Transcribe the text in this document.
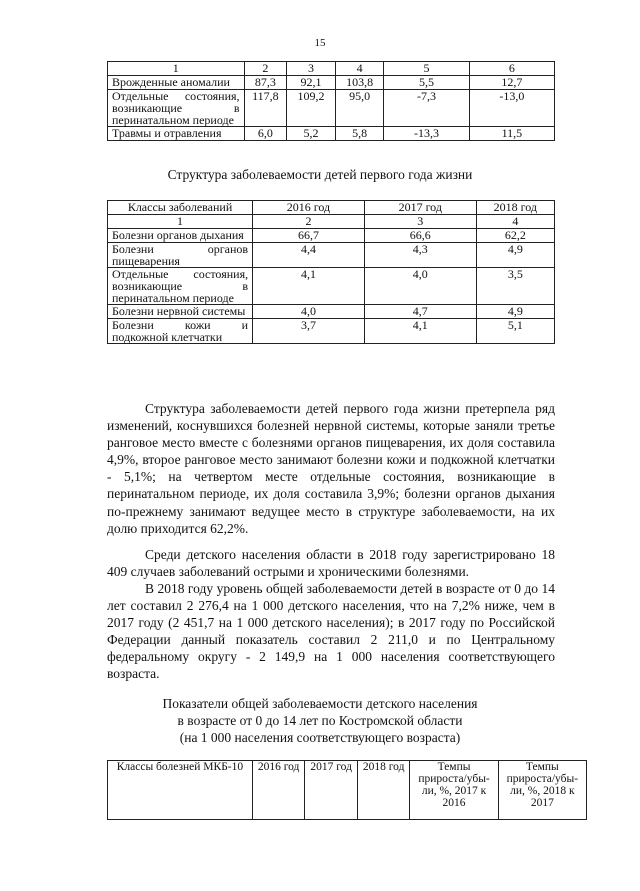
15
1	2	3	4	5	6
Врожденные аномалии	87,3	92,1	103,8	5,5	12,7
Отдельные состояния, возникающие в перинатальном периоде	117,8	109,2	95,0	-7,3	-13,0
Травмы и отравления	6,0	5,2	5,8	-13,3	11,5
Структура заболеваемости детей первого года жизни
Классы заболеваний	2016 год	2017 год	2018 год
1	2	3	4
Болезни органов дыхания	66,7	66,6	62,2
Болезни органов пищеварения	4,4	4,3	4,9
Отдельные состояния, возникающие в перинатальном периоде	4,1	4,0	3,5
Болезни нервной системы	4,0	4,7	4,9
Болезни кожи и подкожной клетчатки	3,7	4,1	5,1

Структура заболеваемости детей первого года жизни претерпела ряд изменений, коснувшихся болезней нервной системы, которые заняли третье ранговое место вместе с болезнями органов пищеварения, их доля составила 4,9%, второе ранговое место занимают болезни кожи и подкожной клетчатки - 5,1%; на четвертом месте отдельные состояния, возникающие в перинатальном периоде, их доля составила 3,9%; болезни органов дыхания по-прежнему занимают ведущее место в структуре заболеваемости, на их долю приходится 62,2%.

Среди детского населения области в 2018 году зарегистрировано 18 409 случаев заболеваний острыми и хроническими болезнями.

В 2018 году уровень общей заболеваемости детей в возрасте от 0 до 14 лет составил 2 276,4 на 1 000 детского населения, что на 7,2% ниже, чем в 2017 году (2 451,7 на 1 000 детского населения); в 2017 году по Российской Федерации данный показатель составил 2 211,0 и по Центральному федеральному округу - 2 149,9 на 1 000 населения соответствующего возраста.

Показатели общей заболеваемости детского населения
в возрасте от 0 до 14 лет по Костромской области
(на 1 000 населения соответствующего возраста)
Классы болезней МКБ-10	2016 год	2017 год	2018 год	Темпы прироста/убы-ли, %, 2017 к 2016	Темпы прироста/убы-ли, %, 2018 к 2017
